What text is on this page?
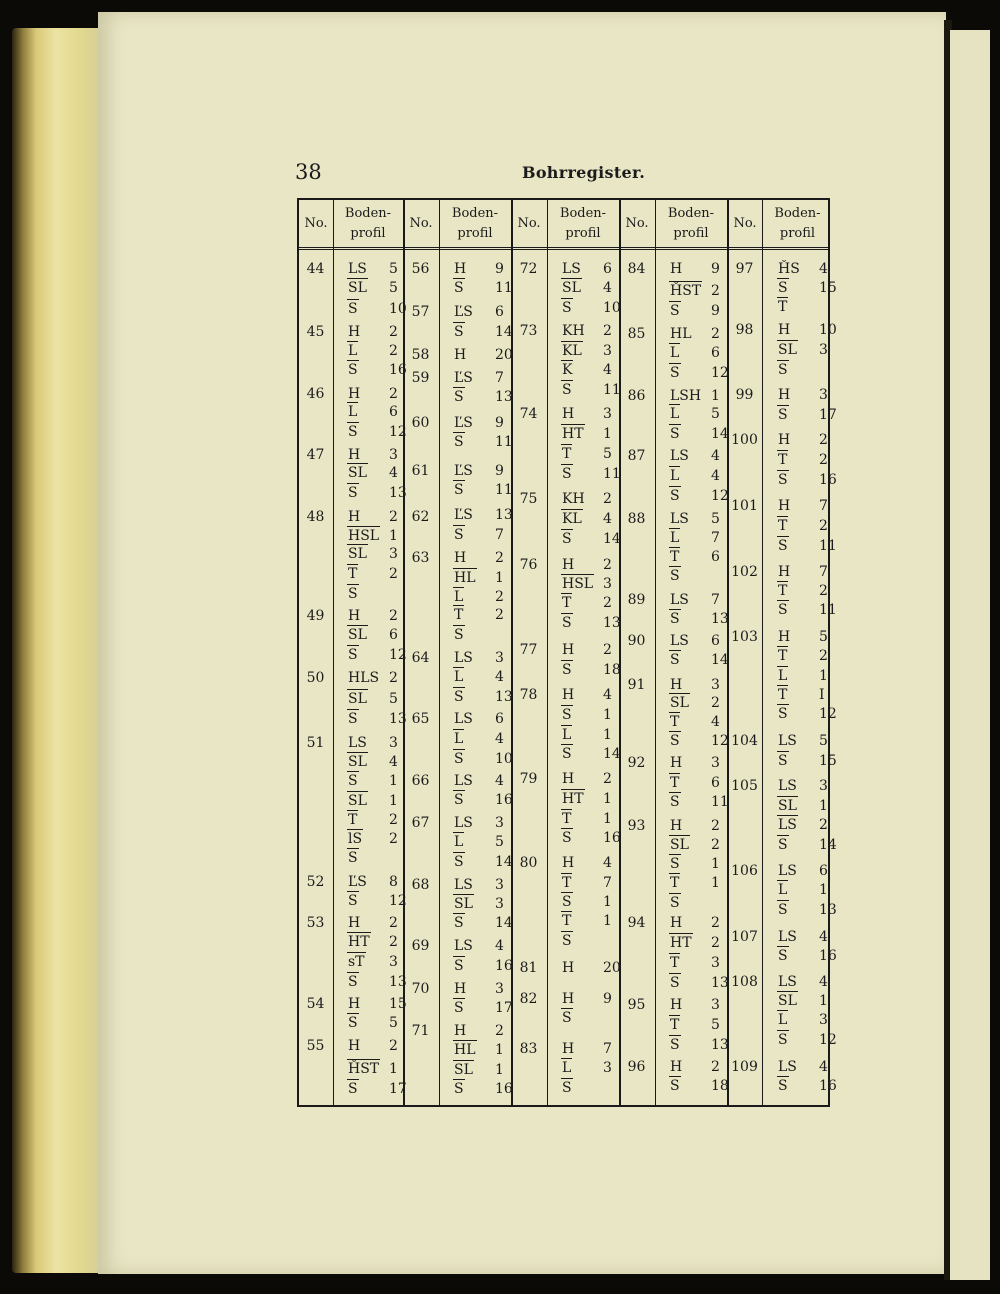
38	Bohrregister.
No.
Boden-
profil
No.
Boden-
profil
No.
Boden-
profil
No.
Boden-
profil
No.
Boden-
profil
44
45
46
47
48
49
50
51
52
53
54
55
56
57
58
59
60
61
62
63
64
65
66
67
68
69
70
71
72
73
74
75
76
77
78
79
80
81
82
83
84
85
86
87
88
89
90
91
92
93
94
95
96
97
98
99
100
101
102
103
104
105
106
107
108
109
LS 5
SL 5
S 10
H 2
L 2
S 16
H 2
L 6
S 12
H 3
SL 4
S 13
H 2
HSL 1
SL 3
T 2
S
H 2
SL 6
S 12
HLS 2
SL 5
S 13
LS 3
SL 4
S 1
SL 1
T 2
lS 2
S
ĽS 8
S 12
H 2
HT 2
sT 3
S 13
H 15
S 5
H 2
ȞST 1
S 17
H 9
S 11
ĽS 6
S 14
H 20
ĽS 7
S 13
ĽS 9
S 11
ĽS 9
S 11
ĽS 13
S 7
H 2
HL 1
L 2
T 2
S
LS 3
L 4
S 13
LS 6
L 4
S 10
LS 4
S 16
LS 3
L 5
S 14
LS 3
SL 3
S 14
LS 4
S 16
H 3
S 17
H 2
HL 1
SL 1
S 16
LS 6
SL 4
S 10
KH 2
KL 3
K 4
S 11
H 3
HT 1
T 5
S 11
KH 2
KL 4
S 14
H 2
HSL 3
T 2
S 13
H 2
S 18
H 4
S 1
L 1
S 14
H 2
HT 1
T 1
S 16
H 4
T 7
S 1
T 1
S
H 20
H 9
S
H 7
L 3
S
H 9
ȞST 2
S 9
HL 2
L 6
S 12
LSH 1
L 5
S 14
LS 4
L 4
S 12
LS 5
L 7
T 6
S
LS 7
S 13
LS 6
S 14
H 3
SL 2
T 4
S 12
H 3
T 6
S 11
H 2
SL 2
S 1
T 1
S
H 2
HT 2
T 3
S 13
H 3
T 5
S 13
H 2
S 18
ȞS 4
S 15
T
H 10
SL 3
S
H 3
S 17
H 2
T 2
S 16
H 7
T 2
S 11
H 7
T 2
S 11
H 5
T 2
L 1
T I
S 12
LS 5
S 15
LS 3
SL 1
LS 2
S 14
LS 6
L 1
S 13
LS 4
S 16
LS 4
SL 1
L 3
S 12
LS 4
S 16
